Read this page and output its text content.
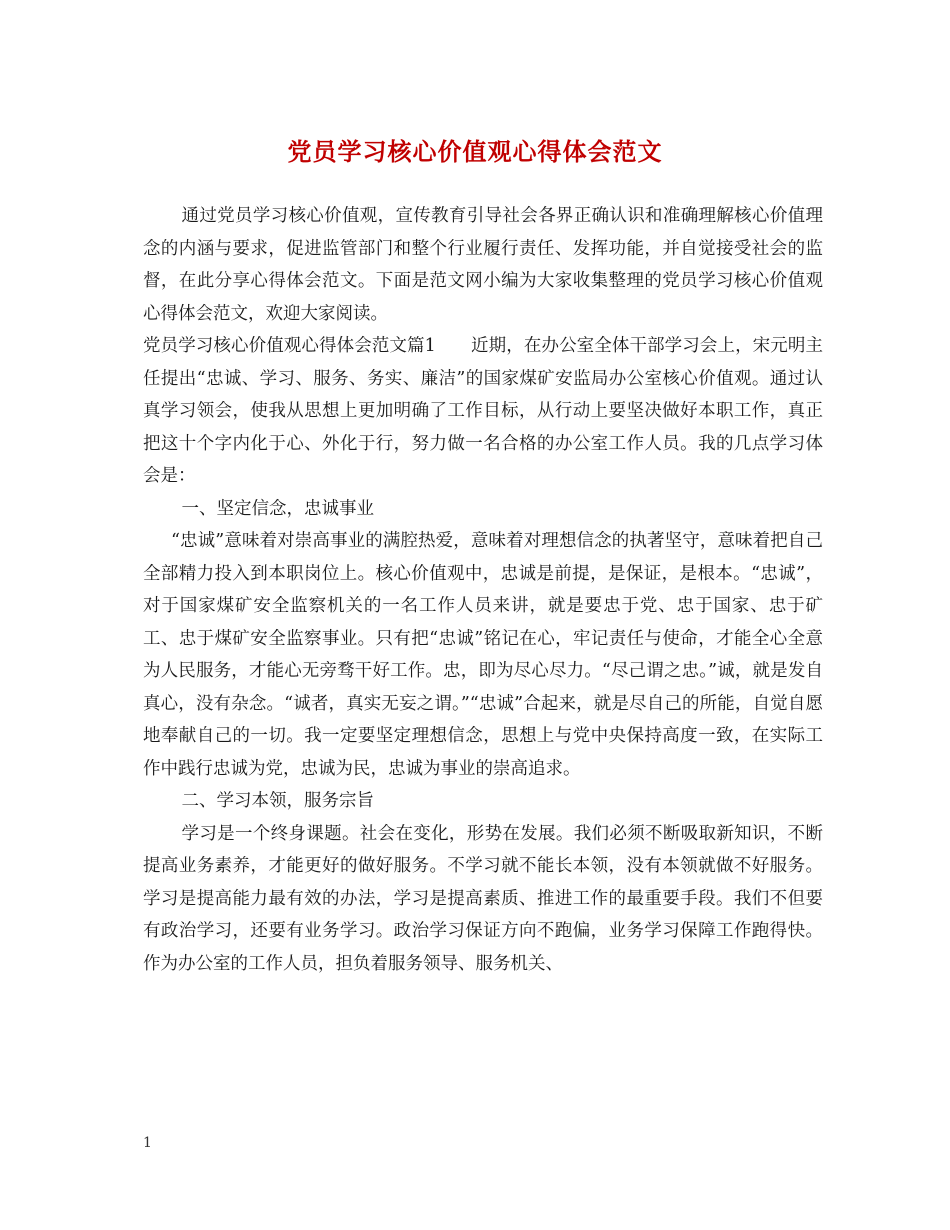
党员学习核心价值观心得体会范文

通过党员学习核心价值观，宣传教育引导社会各界正确认识和准确理解核心价值理念的内涵与要求，促进监管部门和整个行业履行责任、发挥功能，并自觉接受社会的监督，在此分享心得体会范文。下面是范文网小编为大家收集整理的党员学习核心价值观心得体会范文，欢迎大家阅读。

党员学习核心价值观心得体会范文篇1　　近期，在办公室全体干部学习会上，宋元明主任提出“忠诚、学习、服务、务实、廉洁”的国家煤矿安监局办公室核心价值观。通过认真学习领会，使我从思想上更加明确了工作目标，从行动上要坚决做好本职工作，真正把这十个字内化于心、外化于行，努力做一名合格的办公室工作人员。我的几点学习体会是：

一、坚定信念，忠诚事业

“忠诚”意味着对崇高事业的满腔热爱，意味着对理想信念的执著坚守，意味着把自己全部精力投入到本职岗位上。核心价值观中，忠诚是前提，是保证，是根本。“忠诚”，对于国家煤矿安全监察机关的一名工作人员来讲，就是要忠于党、忠于国家、忠于矿工、忠于煤矿安全监察事业。只有把“忠诚”铭记在心，牢记责任与使命，才能全心全意为人民服务，才能心无旁骛干好工作。忠，即为尽心尽力。“尽己谓之忠。”诚，就是发自真心，没有杂念。“诚者，真实无妄之谓。”“忠诚”合起来，就是尽自己的所能，自觉自愿地奉献自己的一切。我一定要坚定理想信念，思想上与党中央保持高度一致，在实际工作中践行忠诚为党，忠诚为民，忠诚为事业的崇高追求。

二、学习本领，服务宗旨

学习是一个终身课题。社会在变化，形势在发展。我们必须不断吸取新知识，不断提高业务素养，才能更好的做好服务。不学习就不能长本领，没有本领就做不好服务。学习是提高能力最有效的办法，学习是提高素质、推进工作的最重要手段。我们不但要有政治学习，还要有业务学习。政治学习保证方向不跑偏，业务学习保障工作跑得快。作为办公室的工作人员，担负着服务领导、服务机关、

1
